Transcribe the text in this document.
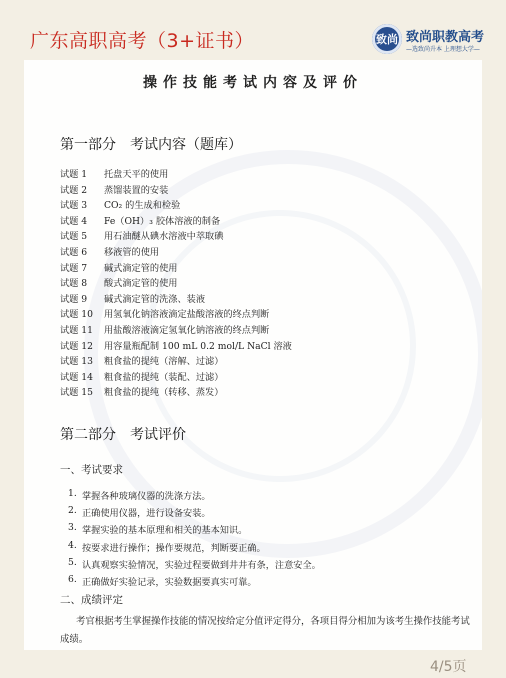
广东高职高考（3+证书）	致尚 致尚职教高考
—选致尚升本 上理想大学—
操作技能考试内容及评价
第一部分 考试内容（题库）
试题 1	托盘天平的使用
试题 2	蒸馏装置的安装
试题 3	CO₂ 的生成和检验
试题 4	Fe（OH）₃ 胶体溶液的制备
试题 5	用石油醚从碘水溶液中萃取碘
试题 6	移液管的使用
试题 7	碱式滴定管的使用
试题 8	酸式滴定管的使用
试题 9	碱式滴定管的洗涤、装液
试题 10	用氢氧化钠溶液滴定盐酸溶液的终点判断
试题 11	用盐酸溶液滴定氢氧化钠溶液的终点判断
试题 12	用容量瓶配制 100 mL 0.2 mol/L NaCl 溶液
试题 13	粗食盐的提纯（溶解、过滤）
试题 14	粗食盐的提纯（装配、过滤）
试题 15	粗食盐的提纯（转移、蒸发）
第二部分 考试评价
一、考试要求
1. 掌握各种玻璃仪器的洗涤方法。
2. 正确使用仪器，进行设备安装。
3. 掌握实验的基本原理和相关的基本知识。
4. 按要求进行操作；操作要规范，判断要正确。
5. 认真观察实验情况，实验过程要做到井井有条，注意安全。
6. 正确做好实验记录，实验数据要真实可靠。
二、成绩评定

考官根据考生掌握操作技能的情况按给定分值评定得分，各项目得分相加为该考生操作技能考试成绩。

4/5页
